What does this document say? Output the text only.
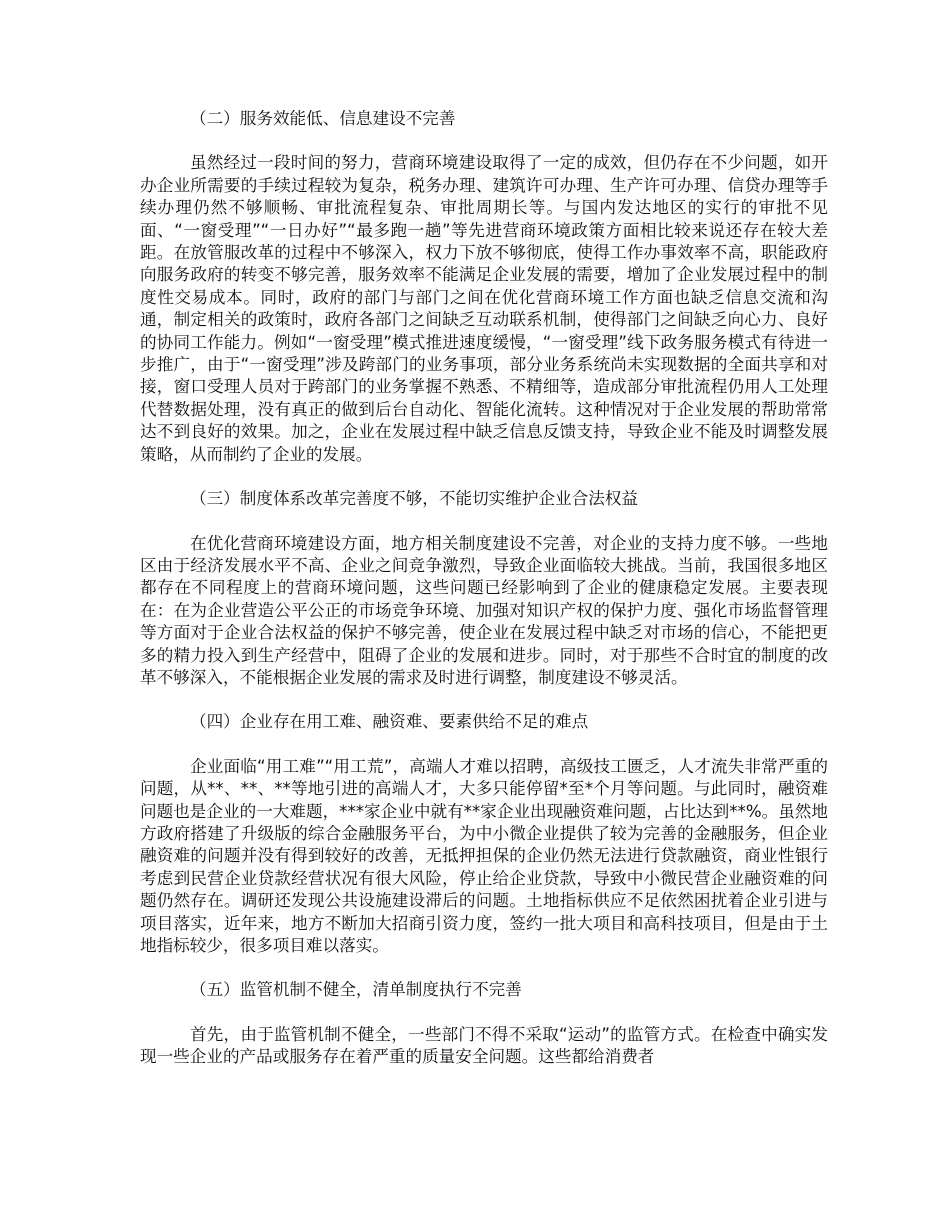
（二）服务效能低、信息建设不完善

虽然经过一段时间的努力，营商环境建设取得了一定的成效，但仍存在不少问题，如开办企业所需要的手续过程较为复杂，税务办理、建筑许可办理、生产许可办理、信贷办理等手续办理仍然不够顺畅、审批流程复杂、审批周期长等。与国内发达地区的实行的审批不见面、“一窗受理”“一日办好”“最多跑一趟”等先进营商环境政策方面相比较来说还存在较大差距。在放管服改革的过程中不够深入，权力下放不够彻底，使得工作办事效率不高，职能政府向服务政府的转变不够完善，服务效率不能满足企业发展的需要，增加了企业发展过程中的制度性交易成本。同时，政府的部门与部门之间在优化营商环境工作方面也缺乏信息交流和沟通，制定相关的政策时，政府各部门之间缺乏互动联系机制，使得部门之间缺乏向心力、良好的协同工作能力。例如“一窗受理”模式推进速度缓慢，“一窗受理”线下政务服务模式有待进一步推广，由于“一窗受理”涉及跨部门的业务事项，部分业务系统尚未实现数据的全面共享和对接，窗口受理人员对于跨部门的业务掌握不熟悉、不精细等，造成部分审批流程仍用人工处理代替数据处理，没有真正的做到后台自动化、智能化流转。这种情况对于企业发展的帮助常常达不到良好的效果。加之，企业在发展过程中缺乏信息反馈支持，导致企业不能及时调整发展策略，从而制约了企业的发展。

（三）制度体系改革完善度不够，不能切实维护企业合法权益

在优化营商环境建设方面，地方相关制度建设不完善，对企业的支持力度不够。一些地区由于经济发展水平不高、企业之间竞争激烈，导致企业面临较大挑战。当前，我国很多地区都存在不同程度上的营商环境问题，这些问题已经影响到了企业的健康稳定发展。主要表现在：在为企业营造公平公正的市场竞争环境、加强对知识产权的保护力度、强化市场监督管理等方面对于企业合法权益的保护不够完善，使企业在发展过程中缺乏对市场的信心，不能把更多的精力投入到生产经营中，阻碍了企业的发展和进步。同时，对于那些不合时宜的制度的改革不够深入，不能根据企业发展的需求及时进行调整，制度建设不够灵活。

（四）企业存在用工难、融资难、要素供给不足的难点

企业面临“用工难”“用工荒”，高端人才难以招聘，高级技工匮乏，人才流失非常严重的问题，从**、**、**等地引进的高端人才，大多只能停留*至*个月等问题。与此同时，融资难问题也是企业的一大难题，***家企业中就有**家企业出现融资难问题，占比达到**%。虽然地方政府搭建了升级版的综合金融服务平台，为中小微企业提供了较为完善的金融服务，但企业融资难的问题并没有得到较好的改善，无抵押担保的企业仍然无法进行贷款融资，商业性银行考虑到民营企业贷款经营状况有很大风险，停止给企业贷款，导致中小微民营企业融资难的问题仍然存在。调研还发现公共设施建设滞后的问题。土地指标供应不足依然困扰着企业引进与项目落实，近年来，地方不断加大招商引资力度，签约一批大项目和高科技项目，但是由于土地指标较少，很多项目难以落实。

（五）监管机制不健全，清单制度执行不完善

首先，由于监管机制不健全，一些部门不得不采取“运动”的监管方式。在检查中确实发现一些企业的产品或服务存在着严重的质量安全问题。这些都给消费者
